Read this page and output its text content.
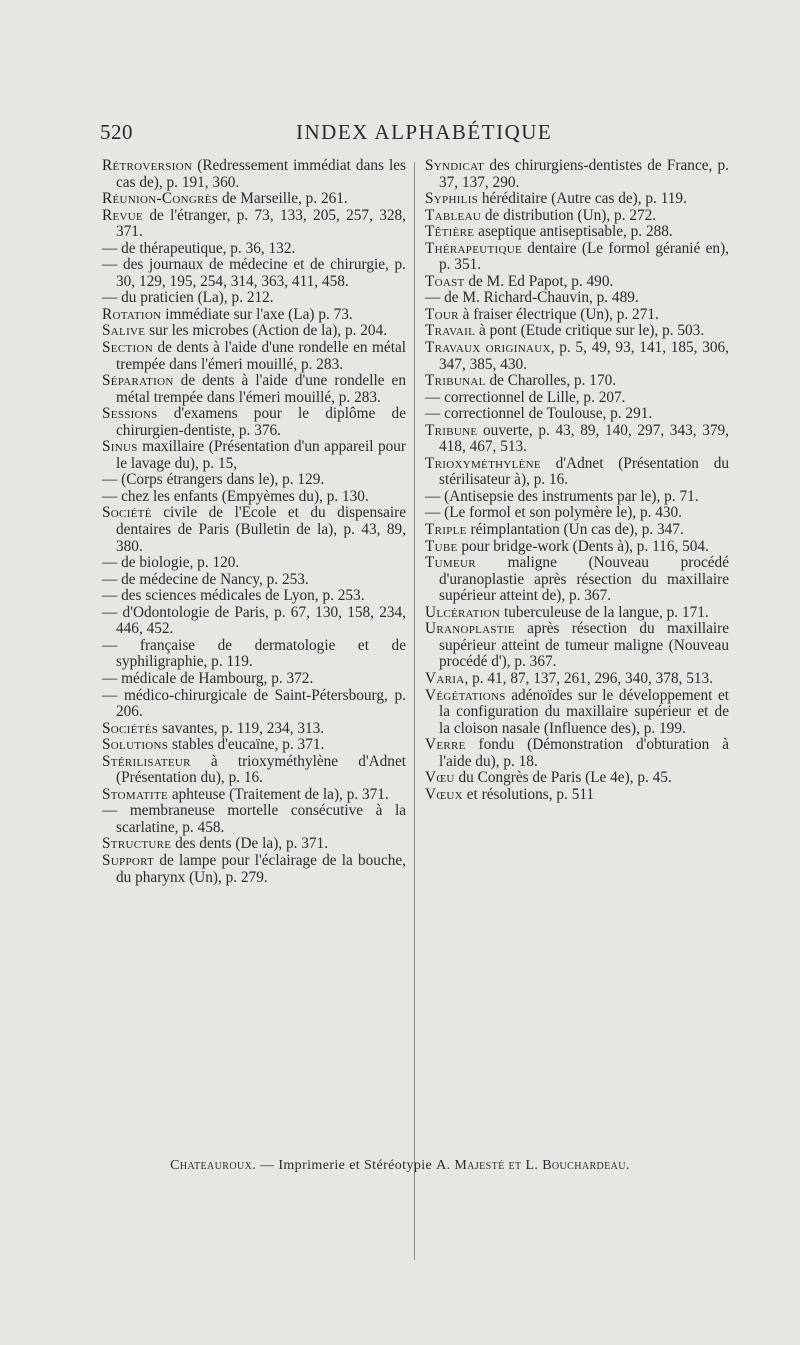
520	INDEX ALPHABÉTIQUE

Rétroversion (Redressement immédiat dans les cas de), p. 191, 360.

Réunion-Congrès de Marseille, p. 261.

Revue de l'étranger, p. 73, 133, 205, 257, 328, 371.

— de thérapeutique, p. 36, 132.

— des journaux de médecine et de chirurgie, p. 30, 129, 195, 254, 314, 363, 411, 458.

— du praticien (La), p. 212.

Rotation immédiate sur l'axe (La) p. 73.

Salive sur les microbes (Action de la), p. 204.

Section de dents à l'aide d'une rondelle en métal trempée dans l'émeri mouillé, p. 283.

Séparation de dents à l'aide d'une rondelle en métal trempée dans l'émeri mouillé, p. 283.

Sessions d'examens pour le diplôme de chirurgien-dentiste, p. 376.

Sinus maxillaire (Présentation d'un appareil pour le lavage du), p. 15,

— (Corps étrangers dans le), p. 129.

— chez les enfants (Empyèmes du), p. 130.

Société civile de l'Ecole et du dispensaire dentaires de Paris (Bulletin de la), p. 43, 89, 380.

— de biologie, p. 120.

— de médecine de Nancy, p. 253.

— des sciences médicales de Lyon, p. 253.

— d'Odontologie de Paris, p. 67, 130, 158, 234, 446, 452.

— française de dermatologie et de syphiligraphie, p. 119.

— médicale de Hambourg, p. 372.

— médico-chirurgicale de Saint-Pétersbourg, p. 206.

Sociétés savantes, p. 119, 234, 313.

Solutions stables d'eucaïne, p. 371.

Stérilisateur à trioxyméthylène d'Adnet (Présentation du), p. 16.

Stomatite aphteuse (Traitement de la), p. 371.

— membraneuse mortelle consécutive à la scarlatine, p. 458.

Structure des dents (De la), p. 371.

Support de lampe pour l'éclairage de la bouche, du pharynx (Un), p. 279.

Syndicat des chirurgiens-dentistes de France, p. 37, 137, 290.

Syphilis héréditaire (Autre cas de), p. 119.

Tableau de distribution (Un), p. 272.

Têtière aseptique antiseptisable, p. 288.

Thérapeutique dentaire (Le formol géranié en), p. 351.

Toast de M. Ed Papot, p. 490.

— de M. Richard-Chauvin, p. 489.

Tour à fraiser électrique (Un), p. 271.

Travail à pont (Etude critique sur le), p. 503.

Travaux originaux, p. 5, 49, 93, 141, 185, 306, 347, 385, 430.

Tribunal de Charolles, p. 170.

— correctionnel de Lille, p. 207.

— correctionnel de Toulouse, p. 291.

Tribune ouverte, p. 43, 89, 140, 297, 343, 379, 418, 467, 513.

Trioxyméthylène d'Adnet (Présentation du stérilisateur à), p. 16.

— (Antisepsie des instruments par le), p. 71.

— (Le formol et son polymère le), p. 430.

Triple réimplantation (Un cas de), p. 347.

Tube pour bridge-work (Dents à), p. 116, 504.

Tumeur maligne (Nouveau procédé d'uranoplastie après résection du maxillaire supérieur atteint de), p. 367.

Ulcération tuberculeuse de la langue, p. 171.

Uranoplastie après résection du maxillaire supérieur atteint de tumeur maligne (Nouveau procédé d'), p. 367.

Varia, p. 41, 87, 137, 261, 296, 340, 378, 513.

Végétations adénoïdes sur le développement et la configuration du maxillaire supérieur et de la cloison nasale (Influence des), p. 199.

Verre fondu (Démonstration d'obturation à l'aide du), p. 18.

Vœu du Congrès de Paris (Le 4e), p. 45.

Vœux et résolutions, p. 511

Chateauroux. — Imprimerie et Stéréotypie A. Majesté et L. Bouchardeau.
